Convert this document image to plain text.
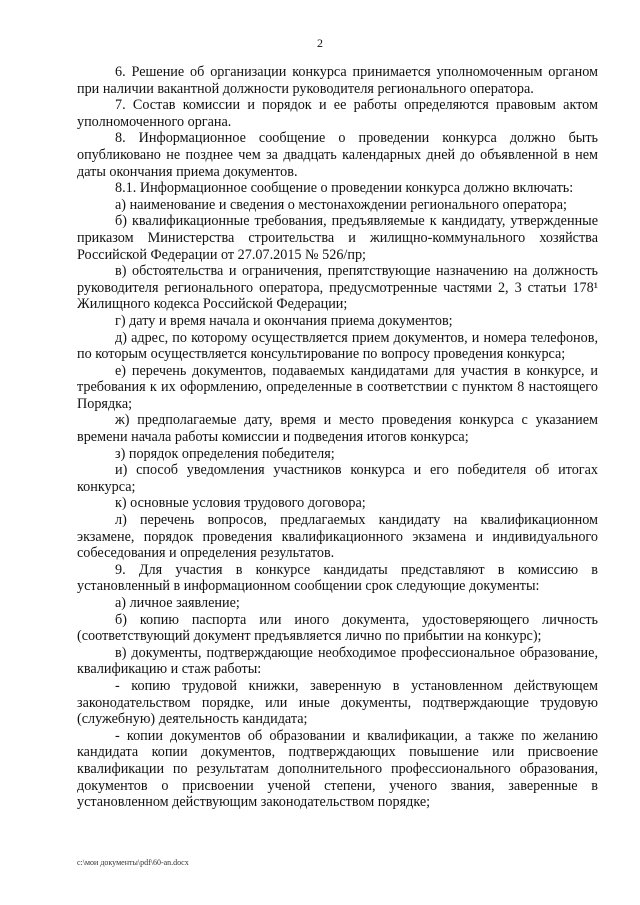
2

6. Решение об организации конкурса принимается уполномоченным органом при наличии вакантной должности руководителя регионального оператора.

7. Состав комиссии и порядок и ее работы определяются правовым актом уполномоченного органа.

8. Информационное сообщение о проведении конкурса должно быть опубликовано не позднее чем за двадцать календарных дней до объявленной в нем даты окончания приема документов.

8.1. Информационное сообщение о проведении конкурса должно включать:

а) наименование и сведения о местонахождении регионального оператора;

б) квалификационные требования, предъявляемые к кандидату, утвержденные приказом Министерства строительства и жилищно-коммунального хозяйства Российской Федерации от 27.07.2015 № 526/пр;

в) обстоятельства и ограничения, препятствующие назначению на должность руководителя регионального оператора, предусмотренные частями 2, 3 статьи 178¹ Жилищного кодекса Российской Федерации;

г) дату и время начала и окончания приема документов;

д) адрес, по которому осуществляется прием документов, и номера телефонов, по которым осуществляется консультирование по вопросу проведения конкурса;

е) перечень документов, подаваемых кандидатами для участия в конкурсе, и требования к их оформлению, определенные в соответствии с пунктом 8 настоящего Порядка;

ж) предполагаемые дату, время и место проведения конкурса с указанием времени начала работы комиссии и подведения итогов конкурса;

з) порядок определения победителя;

и) способ уведомления участников конкурса и его победителя об итогах конкурса;

к) основные условия трудового договора;

л) перечень вопросов, предлагаемых кандидату на квалификационном экзамене, порядок проведения квалификационного экзамена и индивидуального собеседования и определения результатов.

9. Для участия в конкурсе кандидаты представляют в комиссию в установленный в информационном сообщении срок следующие документы:

а) личное заявление;

б) копию паспорта или иного документа, удостоверяющего личность (соответствующий документ предъявляется лично по прибытии на конкурс);

в) документы, подтверждающие необходимое профессиональное образование, квалификацию и стаж работы:

- копию трудовой книжки, заверенную в установленном действующем законодательством порядке, или иные документы, подтверждающие трудовую (служебную) деятельность кандидата;

- копии документов об образовании и квалификации, а также по желанию кандидата копии документов, подтверждающих повышение или присвоение квалификации по результатам дополнительного профессионального образования, документов о присвоении ученой степени, ученого звания, заверенные в установленном действующим законодательством порядке;

c:\мои документы\pdf\60-an.docx
